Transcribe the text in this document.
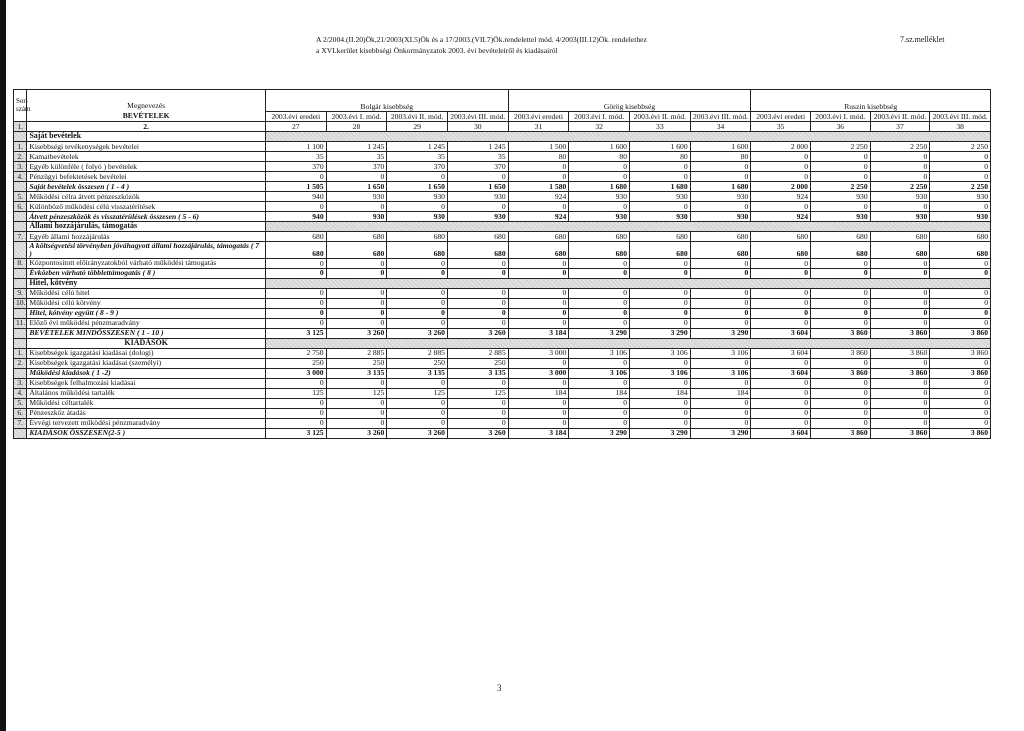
A 2/2004.(II.20)Ök,21/2003(XI.5)Ök és a 17/2003.(VII.7)Ök.rendelettel mód. 4/2003(III.12)Ök. rendelethez
a XVI.kerület kisebbségi Önkormányzatok 2003. évi bevételeiről és kiadásairól
7.sz.melléklet
Sor-szám	Megnevezés
BEVÉTELEK	Bolgár kisebbség				Görög kisebbség				Ruszin kisebbség			
		2003.évi eredeti	2003.évi I. mód.	2003.évi II. mód.	2003.évi III. mód.	2003.évi eredeti	2003.évi I. mód.	2003.évi II. mód.	2003.évi III. mód.	2003.évi eredeti	2003.évi I. mód.	2003.évi II. mód.	2003.évi III. mód.
1.	2.	27	28	29	30	31	32	33	34	35	36	37	38
	Saját bevételek												
1.	Kisebbségi tevékenységek bevételei	1 100	1 245	1 245	1 245	1 500	1 600	1 600	1 600	2 000	2 250	2 250	2 250
2.	Kamatbevételek	35	35	35	35	80	80	80	80	0	0	0	0
3.	Egyéb különféle ( folyó ) bevételek	370	370	370	370	0	0	0	0	0	0	0	0
4.	Pénzügyi befektetések bevételei	0	0	0	0	0	0	0	0	0	0	0	0
	Saját bevételek összesen ( 1 - 4 )	1 505	1 650	1 650	1 650	1 580	1 680	1 680	1 680	2 000	2 250	2 250	2 250
5.	Működési célra átvett pénzeszközök	940	930	930	930	924	930	930	930	924	930	930	930
6.	Különböző működési célú visszatérítések	0	0	0	0	0	0	0	0	0	0	0	0
	Átvett pénzeszközök és visszatérülések összesen ( 5 - 6)	940	930	930	930	924	930	930	930	924	930	930	930
	Állami hozzájárulás, támogatás												
7.	Egyéb állami hozzájárulás	680	680	680	680	680	680	680	680	680	680	680	680
	A költségvetési törvényben jóváhagyott állami hozzájárulás, támogatás ( 7 )	680	680	680	680	680	680	680	680	680	680	680	680
8.	Központosított előirányzatokból várható működési támogatás	0	0	0	0	0	0	0	0	0	0	0	0
	Évközben várható többlettámogatás ( 8 )	0	0	0	0	0	0	0	0	0	0	0	0
	Hitel, kötvény												
9.	Működési célú hitel	0	0	0	0	0	0	0	0	0	0	0	0
10.	Működési célú kötvény	0	0	0	0	0	0	0	0	0	0	0	0
	Hitel, kötvény együtt ( 8 - 9 )	0	0	0	0	0	0	0	0	0	0	0	0
11.	Előző évi működési pénzmaradvány	0	0	0	0	0	0	0	0	0	0	0	0
	BEVÉTELEK MINDÖSSZESEN ( 1 - 10 )	3 125	3 260	3 260	3 260	3 184	3 290	3 290	3 290	3 604	3 860	3 860	3 860
	KIADÁSOK												
1.	Kisebbségek igazgatási kiadásai (dologi)	2 750	2 885	2 885	2 885	3 000	3 106	3 106	3 106	3 604	3 860	3 860	3 860
2.	Kisebbségek igazgatási kiadásai (személyi)	250	250	250	250	0	0	0	0	0	0	0	0
	Működési kiadások ( 1 -2)	3 000	3 135	3 135	3 135	3 000	3 106	3 106	3 106	3 604	3 860	3 860	3 860
3.	Kisebbségek felhalmozási kiadásai	0	0	0	0	0	0	0	0	0	0	0	0
4.	Általános működési tartalék	125	125	125	125	184	184	184	184	0	0	0	0
5.	Működési céltartalék	0	0	0	0	0	0	0	0	0	0	0	0
6.	Pénzeszköz átadás	0	0	0	0	0	0	0	0	0	0	0	0
7.	Évvégi tervezett működési pénzmaradvány	0	0	0	0	0	0	0	0	0	0	0	0
	KIADÁSOK ÖSSZESEN(2-5 )	3 125	3 260	3 260	3 260	3 184	3 290	3 290	3 290	3 604	3 860	3 860	3 860
3
